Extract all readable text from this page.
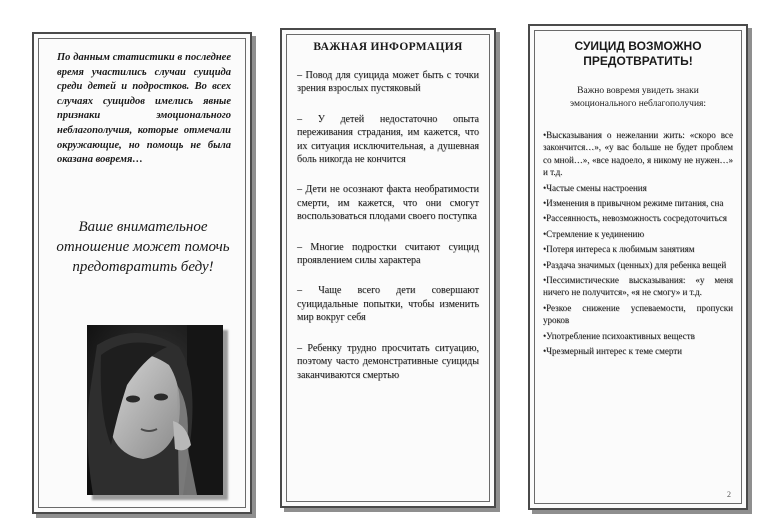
По данным статистики в последнее время участились случаи суицида среди детей и подростков. Во всех случаях суицидов имелись явные признаки эмоционального неблагополучия, которые отмечали окружающие, но помощь не была оказана вовремя…
Ваше внимательное отношение может помочь предотвратить беду!
ВАЖНАЯ ИНФОРМАЦИЯ
– Повод для суицида может быть с точки зрения взрослых пустяковый
– У детей недостаточно опыта переживания страдания, им кажется, что их ситуация исключительная, а душевная боль никогда не кончится
– Дети не осознают факта необратимости смерти, им кажется, что они смогут воспользоваться плодами своего поступка
– Многие подростки считают суицид проявлением силы характера
– Чаще всего дети совершают суицидальные попытки, чтобы изменить мир вокруг себя
– Ребенку трудно просчитать ситуацию, поэтому часто демонстративные суициды заканчиваются смертью
СУИЦИД ВОЗМОЖНО ПРЕДОТВРАТИТЬ!
Важно вовремя увидеть знаки эмоционального неблагополучия:
•Высказывания о нежелании жить: «скоро все закончится…», «у вас больше не будет проблем со мной…», «все надоело, я никому не нужен…» и т.д.
•Частые смены настроения
•Изменения в привычном режиме питания, сна
•Рассеянность, невозможность сосредоточиться
•Стремление к уединению
•Потеря интереса к любимым занятиям
•Раздача значимых (ценных) для ребенка вещей
•Пессимистические высказывания: «у меня ничего не получится», «я не смогу» и т.д.
•Резкое снижение успеваемости, пропуски уроков
•Употребление психоактивных веществ
•Чрезмерный интерес к теме смерти
2
